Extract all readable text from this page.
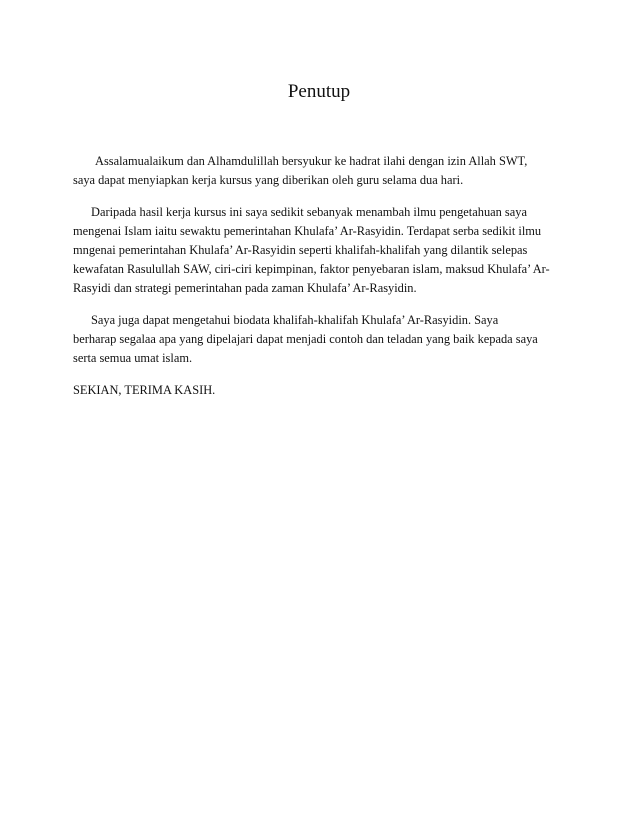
Penutup

Assalamualaikum dan Alhamdulillah bersyukur ke hadrat ilahi dengan izin Allah SWT,
saya dapat menyiapkan kerja kursus yang diberikan oleh guru selama dua hari.

Daripada hasil kerja kursus ini saya sedikit sebanyak menambah ilmu pengetahuan saya
mengenai Islam iaitu sewaktu pemerintahan Khulafa’ Ar-Rasyidin. Terdapat serba sedikit ilmu
mngenai pemerintahan Khulafa’ Ar-Rasyidin seperti khalifah-khalifah yang dilantik selepas
kewafatan Rasulullah SAW, ciri-ciri kepimpinan, faktor penyebaran islam, maksud Khulafa’ Ar-
Rasyidi dan strategi pemerintahan pada zaman Khulafa’ Ar-Rasyidin.

Saya juga dapat mengetahui biodata khalifah-khalifah Khulafa’ Ar-Rasyidin. Saya
berharap segalaa apa yang dipelajari dapat menjadi contoh dan teladan yang baik kepada saya
serta semua umat islam.

SEKIAN, TERIMA KASIH.
